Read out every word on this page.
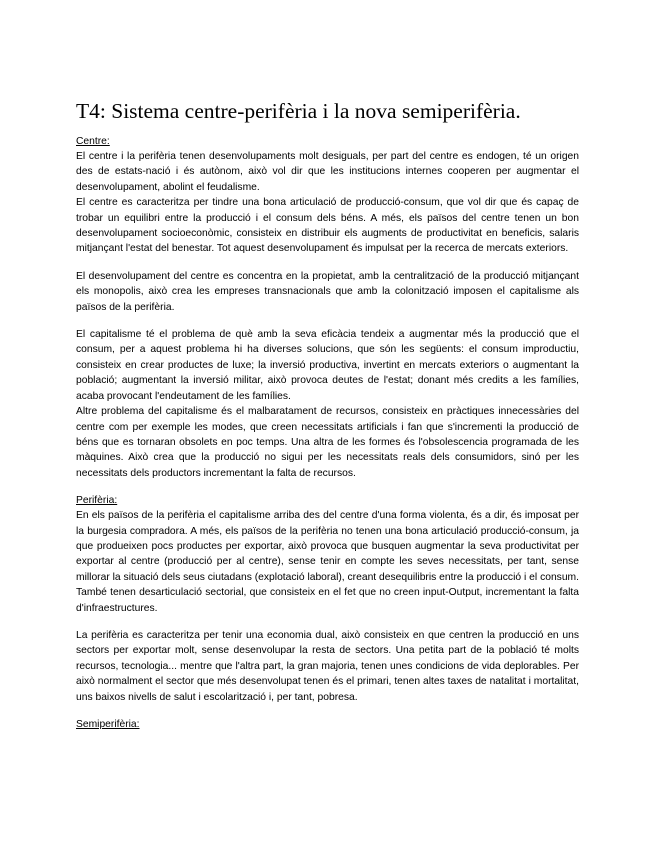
T4: Sistema centre-perifèria i la nova semiperifèria.

Centre:

El centre i la perifèria tenen desenvolupaments molt desiguals, per part del centre es endogen, té un origen des de estats-nació i és autònom, això vol dir que les institucions internes cooperen per augmentar el desenvolupament, abolint el feudalisme.

El centre es caracteritza per tindre una bona articulació de producció-consum, que vol dir que és capaç de trobar un equilibri entre la producció i el consum dels béns. A més, els països del centre tenen un bon desenvolupament socioeconòmic, consisteix en distribuir els augments de productivitat en beneficis, salaris mitjançant l'estat del benestar. Tot aquest desenvolupament és impulsat per la recerca de mercats exteriors.

El desenvolupament del centre es concentra en la propietat, amb la centralització de la producció mitjançant els monopolis, això crea les empreses transnacionals que amb la colonització imposen el capitalisme als països de la perifèria.

El capitalisme té el problema de què amb la seva eficàcia tendeix a augmentar més la producció que el consum, per a aquest problema hi ha diverses solucions, que són les següents: el consum improductiu, consisteix en crear productes de luxe; la inversió productiva, invertint en mercats exteriors o augmentant la població; augmentant la inversió militar, això provoca deutes de l'estat; donant més credits a les famílies, acaba provocant l'endeutament de les famílies.

Altre problema del capitalisme és el malbaratament de recursos, consisteix en pràctiques innecessàries del centre com per exemple les modes, que creen necessitats artificials i fan que s'incrementi la producció de béns que es tornaran obsolets en poc temps. Una altra de les formes és l'obsolescencia programada de les màquines. Això crea que la producció no sigui per les necessitats reals dels consumidors, sinó per les necessitats dels productors incrementant la falta de recursos.

Perifèria:

En els països de la perifèria el capitalisme arriba des del centre d'una forma violenta, és a dir, és imposat per la burgesia compradora. A més, els països de la perifèria no tenen una bona articulació producció-consum, ja que produeixen pocs productes per exportar, això provoca que busquen augmentar la seva productivitat per exportar al centre (producció per al centre), sense tenir en compte les seves necessitats, per tant, sense millorar la situació dels seus ciutadans (explotació laboral), creant desequilibris entre la producció i el consum. També tenen desarticulació sectorial, que consisteix en el fet que no creen input-Output, incrementant la falta d'infraestructures.

La perifèria es caracteritza per tenir una economia dual, això consisteix en que centren la producció en uns sectors per exportar molt, sense desenvolupar la resta de sectors. Una petita part de la població té molts recursos, tecnologia... mentre que l'altra part, la gran majoria, tenen unes condicions de vida deplorables. Per això normalment el sector que més desenvolupat tenen és el primari, tenen altes taxes de natalitat i mortalitat, uns baixos nivells de salut i escolarització i, per tant, pobresa.

Semiperifèria:
